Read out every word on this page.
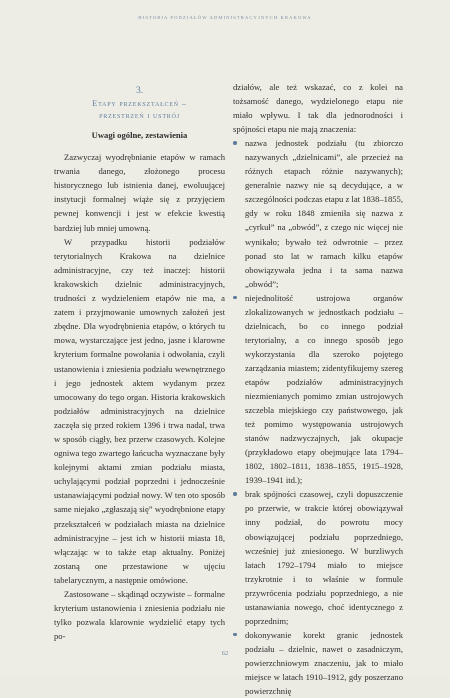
HISTORIA PODZIAŁÓW ADMINISTRACYJNYCH KRAKOWA

3.

Etapy przekształceń –

przestrzeń i ustrój

Uwagi ogólne, zestawienia

Zazwyczaj wyodrębnianie etapów w ramach trwania danego, złożonego procesu historycznego lub istnienia danej, ewoluującej instytucji formalnej wiąże się z przyjęciem pewnej konwencji i jest w efekcie kwestią bardziej lub mniej umowną.

W przypadku historii podziałów terytorialnych Krakowa na dzielnice administracyjne, czy też inaczej: historii krakowskich dzielnic administracyjnych, trudności z wydzieleniem etapów nie ma, a zatem i przyjmowanie umownych założeń jest zbędne. Dla wyodrębnienia etapów, o których tu mowa, wystarczające jest jedno, jasne i klarowne kryterium formalne powołania i odwołania, czyli ustanowienia i zniesienia podziału wewnętrznego i jego jednostek aktem wydanym przez umocowany do tego organ. Historia krakowskich podziałów administracyjnych na dzielnice zaczęła się przed rokiem 1396 i trwa nadal, trwa w sposób ciągły, bez przerw czasowych. Kolejne ogniwa tego zwartego łańcucha wyznaczane były kolejnymi aktami zmian podziału miasta, uchylającymi podział poprzedni i jednocześnie ustanawiającymi podział nowy. W ten oto sposób same niejako „zgłaszają się” wyodrębnione etapy przekształceń w podziałach miasta na dzielnice administracyjne – jest ich w historii miasta 18, włączając w to także etap aktualny. Poniżej zostaną one przestawione w ujęciu tabelarycznym, a następnie omówione.

Zastosowane – skądinąd oczywiste – formalne kryterium ustanowienia i zniesienia podziału nie tylko pozwala klarownie wydzielić etapy tych po-

działów, ale też wskazać, co z kolei na tożsamość danego, wydzielonego etapu nie miało wpływu. I tak dla jednorodności i spójności etapu nie mają znaczenia:

nazwa jednostek podziału (tu zbiorczo nazywanych „dzielnicami”, ale przecież na różnych etapach różnie nazywanych); generalnie nazwy nie są decydujące, a w szczególności podczas etapu z lat 1838–1855, gdy w roku 1848 zmieniła się nazwa z „cyrkuł” na „obwód”, z czego nic więcej nie wynikało; bywało też odwrotnie – przez ponad sto lat w ramach kilku etapów obowiązywała jedna i ta sama nazwa „obwód”;
niejednolitość ustrojowa organów zlokalizowanych w jednostkach podziału – dzielnicach, bo co innego podział terytorialny, a co innego sposób jego wykorzystania dla szeroko pojętego zarządzania miastem; zidentyfikujemy szereg etapów podziałów administracyjnych niezmienianych pomimo zmian ustrojowych szczebla miejskiego czy państwowego, jak też pomimo występowania ustrojowych stanów nadzwyczajnych, jak okupacje (przykładowo etapy obejmujące lata 1794–1802, 1802–1811, 1838–1855, 1915–1928, 1939–1941 itd.);
brak spójności czasowej, czyli dopuszczenie po przerwie, w trakcie której obowiązywał inny podział, do powrotu mocy obowiązującej podziału poprzedniego, wcześniej już zniesionego. W burzliwych latach 1792–1794 miało to miejsce trzykrotnie i to właśnie w formule przywrócenia podziału poprzedniego, a nie ustanawiania nowego, choć identycznego z poprzednim;
dokonywanie korekt granic jednostek podziału – dzielnic, nawet o zasadniczym, powierzchniowym znaczeniu, jak to miało miejsce w latach 1910–1912, gdy poszerzano powierzchnię
62
